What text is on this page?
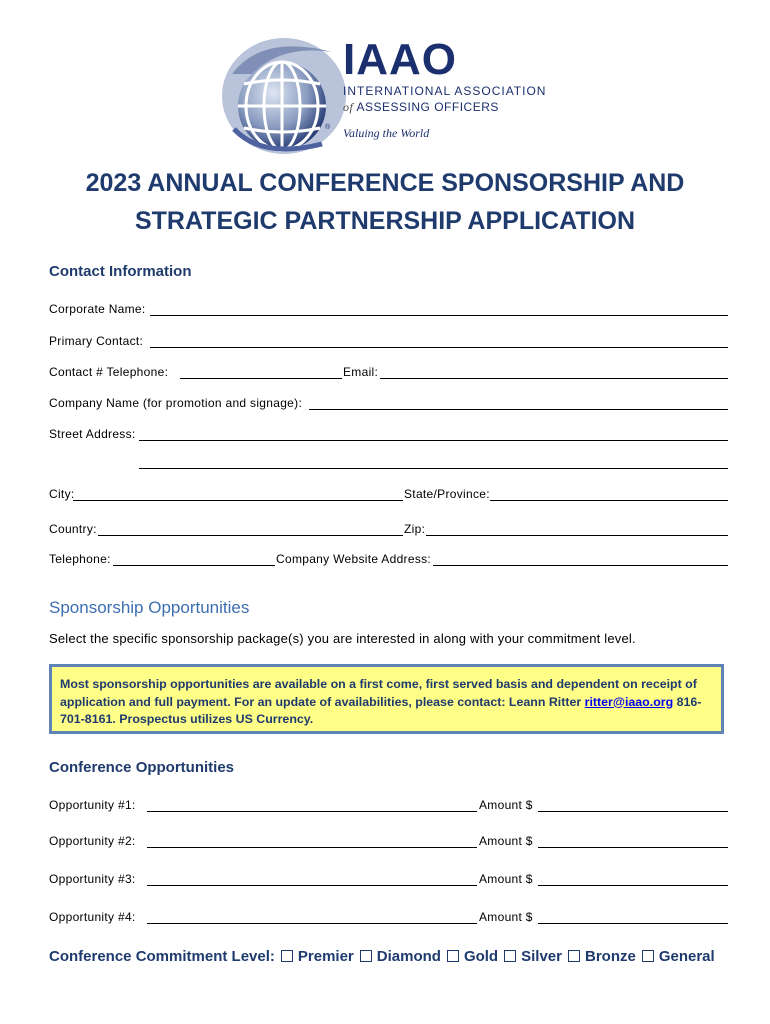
IAAO
INTERNATIONAL ASSOCIATION
of ASSESSING OFFICERS
® Valuing the World
2023 ANNUAL CONFERENCE SPONSORSHIP AND
STRATEGIC PARTNERSHIP APPLICATION
Contact Information
Corporate Name:
Primary Contact:
Contact # Telephone:	Email:
Company Name (for promotion and signage):
Street Address:
City:	State/Province:
Country:	Zip:
Telephone:	Company Website Address:
Sponsorship Opportunities
Select the specific sponsorship package(s) you are interested in along with your commitment level.
Most sponsorship opportunities are available on a first come, first served basis and dependent on receipt of application and full payment. For an update of availabilities, please contact: Leann Ritter ritter@iaao.org 816-701-8161. Prospectus utilizes US Currency.
Conference Opportunities
Opportunity #1:	Amount $
Opportunity #2:	Amount $
Opportunity #3:	Amount $
Opportunity #4:	Amount $
Conference Commitment Level: Premier Diamond Gold Silver Bronze General
